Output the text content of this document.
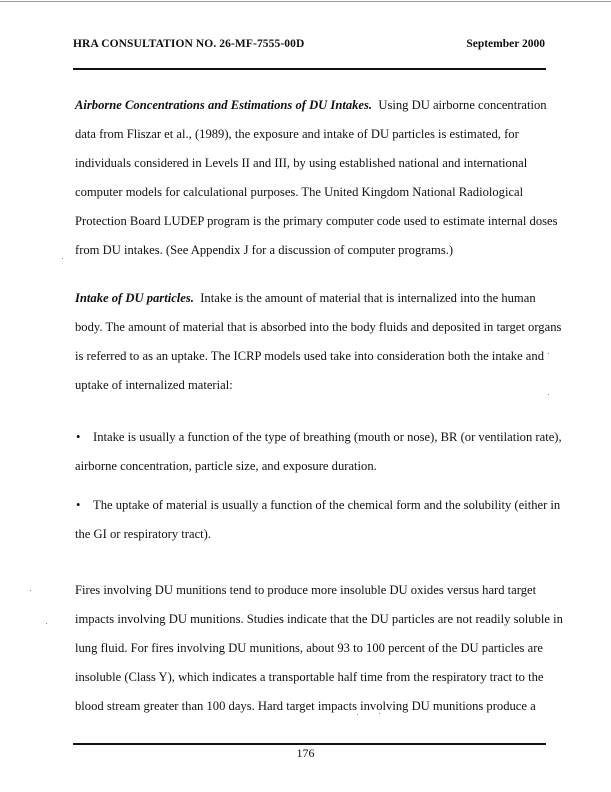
HRA CONSULTATION NO. 26-MF-7555-00D	September 2000
Airborne Concentrations and Estimations of DU Intakes.  Using DU airborne concentration
data from Fliszar et al., (1989), the exposure and intake of DU particles is estimated, for
individuals considered in Levels II and III, by using established national and international
computer models for calculational purposes. The United Kingdom National Radiological
Protection Board LUDEP program is the primary computer code used to estimate internal doses
from DU intakes. (See Appendix J for a discussion of computer programs.)
Intake of DU particles.  Intake is the amount of material that is internalized into the human
body. The amount of material that is absorbed into the body fluids and deposited in target organs
is referred to as an uptake. The ICRP models used take into consideration both the intake and
uptake of internalized material:
• Intake is usually a function of the type of breathing (mouth or nose), BR (or ventilation rate),
airborne concentration, particle size, and exposure duration.
• The uptake of material is usually a function of the chemical form and the solubility (either in
the GI or respiratory tract).
Fires involving DU munitions tend to produce more insoluble DU oxides versus hard target
impacts involving DU munitions. Studies indicate that the DU particles are not readily soluble in
lung fluid. For fires involving DU munitions, about 93 to 100 percent of the DU particles are
insoluble (Class Y), which indicates a transportable half time from the respiratory tract to the
blood stream greater than 100 days. Hard target impacts involving DU munitions produce a
176
